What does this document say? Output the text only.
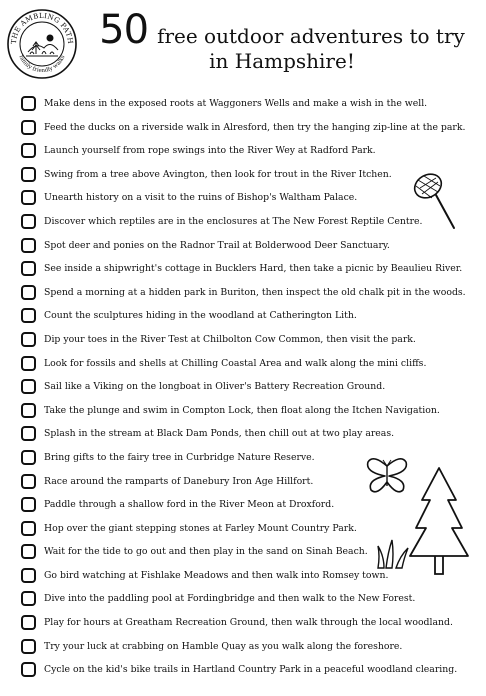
THE AMBLING PATH
family friendly walks
50 free outdoor adventures to try
in Hampshire!
Make dens in the exposed roots at Waggoners Wells and make a wish in the well.
Feed the ducks on a riverside walk in Alresford, then try the hanging zip-line at the park.
Launch yourself from rope swings into the River Wey at Radford Park.
Swing from a tree above Avington, then look for trout in the River Itchen.
Unearth history on a visit to the ruins of Bishop's Waltham Palace.
Discover which reptiles are in the enclosures at The New Forest Reptile Centre.
Spot deer and ponies on the Radnor Trail at Bolderwood Deer Sanctuary.
See inside a shipwright's cottage in Bucklers Hard, then take a picnic by Beaulieu River.
Spend a morning at a hidden park in Buriton, then inspect the old chalk pit in the woods.
Count the sculptures hiding in the woodland at Catherington Lith.
Dip your toes in the River Test at Chilbolton Cow Common, then visit the park.
Look for fossils and shells at Chilling Coastal Area and walk along the mini cliffs.
Sail like a Viking on the longboat in Oliver's Battery Recreation Ground.
Take the plunge and swim in Compton Lock, then float along the Itchen Navigation.
Splash in the stream at Black Dam Ponds, then chill out at two play areas.
Bring gifts to the fairy tree in Curbridge Nature Reserve.
Race around the ramparts of Danebury Iron Age Hillfort.
Paddle through a shallow ford in the River Meon at Droxford.
Hop over the giant stepping stones at Farley Mount Country Park.
Wait for the tide to go out and then play in the sand on Sinah Beach.
Go bird watching at Fishlake Meadows and then walk into Romsey town.
Dive into the paddling pool at Fordingbridge and then walk to the New Forest.
Play for hours at Greatham Recreation Ground, then walk through the local woodland.
Try your luck at crabbing on Hamble Quay as you walk along the foreshore.
Cycle on the kid's bike trails in Hartland Country Park in a peaceful woodland clearing.
